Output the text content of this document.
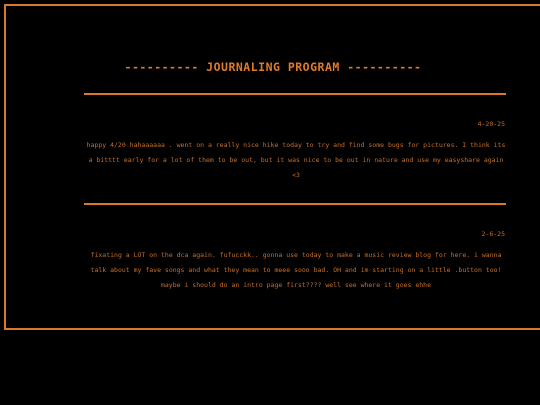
---------- JOURNALING PROGRAM ----------
4-20-25
happy 4/20 hahaaaaaa . went on a really nice hike today to try and find some bugs for pictures. I think its a bitttt early for a lot of them to be out, but it was nice to be out in nature and use my easyshare again <3
2-6-25
fixating a LOT on the dca again. fufucckk.. gonna use today to make a music review blog for here. i wanna talk about my fave songs and what they mean to meee sooo bad. OH and im starting on a little .button too! maybe i should do an intro page first???? well see where it goes ehhe
